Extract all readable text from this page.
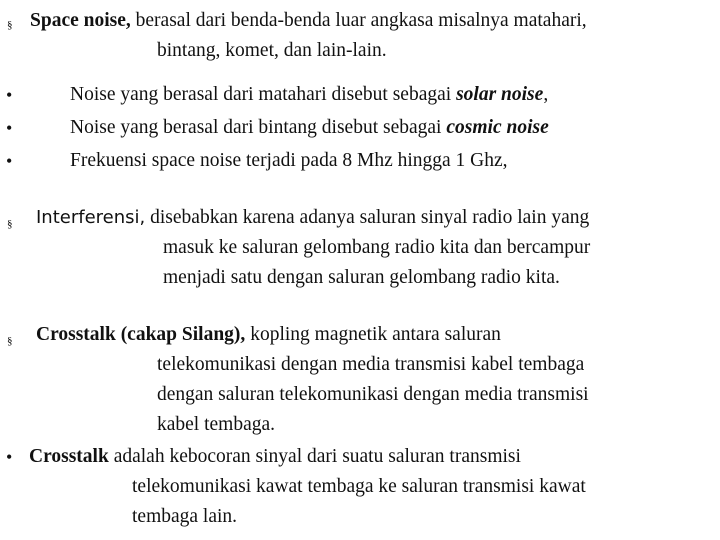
§ Space noise, berasal dari benda-benda luar angkasa misalnya matahari,
bintang, komet, dan lain-lain.
•	Noise yang berasal dari matahari disebut sebagai solar noise,
•	Noise yang berasal dari bintang disebut sebagai cosmic noise
•	Frekuensi space noise terjadi pada 8 Mhz hingga 1 Ghz,
§ Interferensi, disebabkan karena adanya saluran sinyal radio lain yang
masuk ke saluran gelombang radio kita dan bercampur
menjadi satu dengan saluran gelombang radio kita.
§ Crosstalk (cakap Silang), kopling magnetik antara saluran
telekomunikasi dengan media transmisi kabel tembaga
dengan saluran telekomunikasi dengan media transmisi
kabel tembaga.
• Crosstalk adalah kebocoran sinyal dari suatu saluran transmisi
telekomunikasi kawat tembaga ke saluran transmisi kawat
tembaga lain.
